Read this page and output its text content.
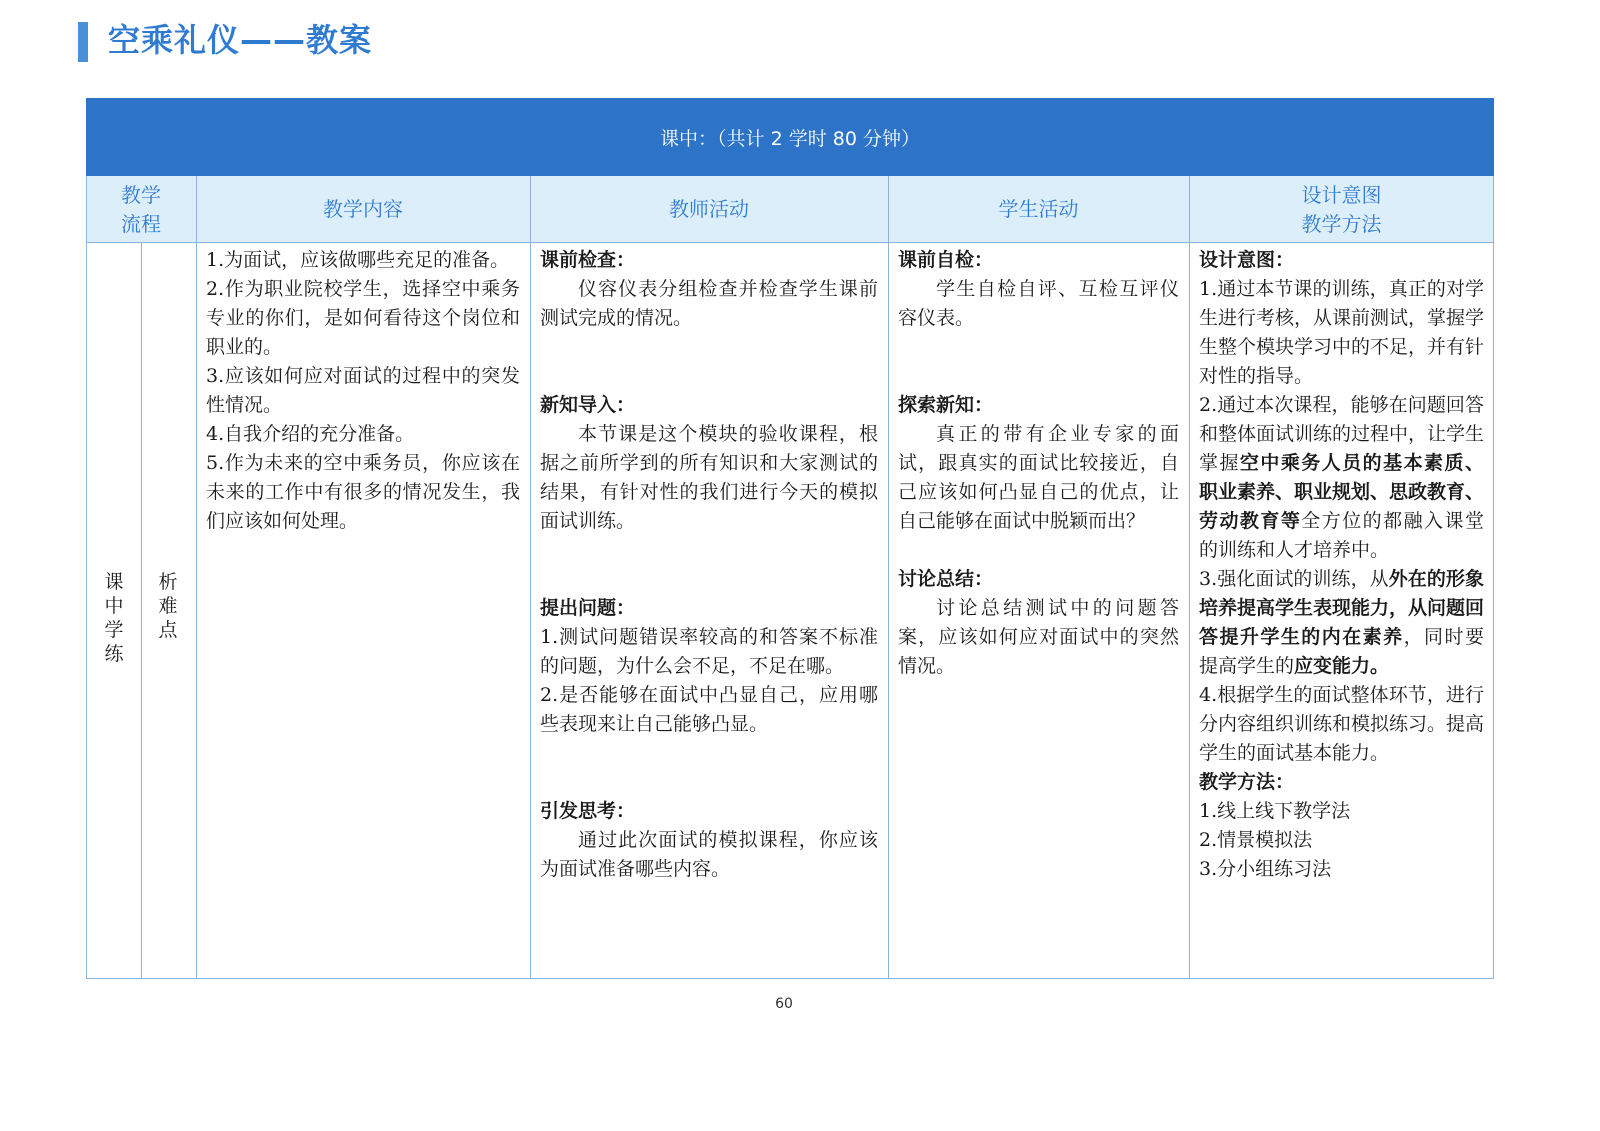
空乘礼仪——教案
课中：（共计 2 学时 80 分钟）
教学
流程
教学内容	教师活动	学生活动
设计意图
教学方法
课
中
学
练
析
难
点

1.为面试，应该做哪些充足的准备。

2.作为职业院校学生，选择空中乘务专业的你们，是如何看待这个岗位和职业的。

3.应该如何应对面试的过程中的突发性情况。

4.自我介绍的充分准备。

5.作为未来的空中乘务员，你应该在未来的工作中有很多的情况发生，我们应该如何处理。

课前检查：

仪容仪表分组检查并检查学生课前测试完成的情况。

新知导入：

本节课是这个模块的验收课程，根据之前所学到的所有知识和大家测试的结果，有针对性的我们进行今天的模拟面试训练。

提出问题：

1.测试问题错误率较高的和答案不标准的问题，为什么会不足，不足在哪。

2.是否能够在面试中凸显自己，应用哪些表现来让自己能够凸显。

引发思考：

通过此次面试的模拟课程，你应该为面试准备哪些内容。

课前自检：

学生自检自评、互检互评仪容仪表。

探索新知：

真正的带有企业专家的面试，跟真实的面试比较接近，自己应该如何凸显自己的优点，让自己能够在面试中脱颖而出？

讨论总结：

讨论总结测试中的问题答案，应该如何应对面试中的突然情况。

设计意图：

1.通过本节课的训练，真正的对学生进行考核，从课前测试，掌握学生整个模块学习中的不足，并有针对性的指导。

2.通过本次课程，能够在问题回答和整体面试训练的过程中，让学生掌握空中乘务人员的基本素质、职业素养、职业规划、思政教育、劳动教育等全方位的都融入课堂的训练和人才培养中。

3.强化面试的训练，从外在的形象培养提高学生表现能力，从问题回答提升学生的内在素养，同时要提高学生的应变能力。

4.根据学生的面试整体环节，进行分内容组织训练和模拟练习。提高学生的面试基本能力。

教学方法：

1.线上线下教学法

2.情景模拟法

3.分小组练习法

60
